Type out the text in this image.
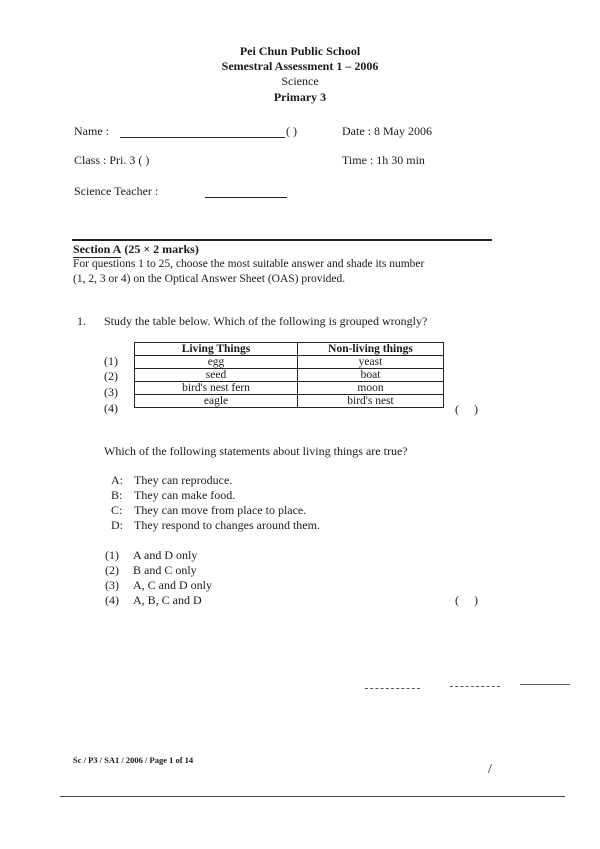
Pei Chun Public School
Semestral Assessment 1 – 2006
Science
Primary 3
Name :	( )	Date : 8 May 2006
Class : Pri. 3 ( )	Time : 1h 30 min
Science Teacher :
Section A (25 × 2 marks)
For questions 1 to 25, choose the most suitable answer and shade its number
(1, 2, 3 or 4) on the Optical Answer Sheet (OAS) provided.
1. Study the table below. Which of the following is grouped wrongly?
(1)
(2)
(3)
(4)
Living Things	Non-living things
egg	yeast
seed	boat
bird's nest fern	moon
eagle	bird's nest
(     )
Which of the following statements about living things are true?
A: They can reproduce.
B: They can make food.
C: They can move from place to place.
D: They respond to changes around them.
(1) A and D only
(2) B and C only
(3) A, C and D only
(4) A, B, C and D	(     )
Sc / P3 / SA1 / 2006 / Page 1 of 14
/
